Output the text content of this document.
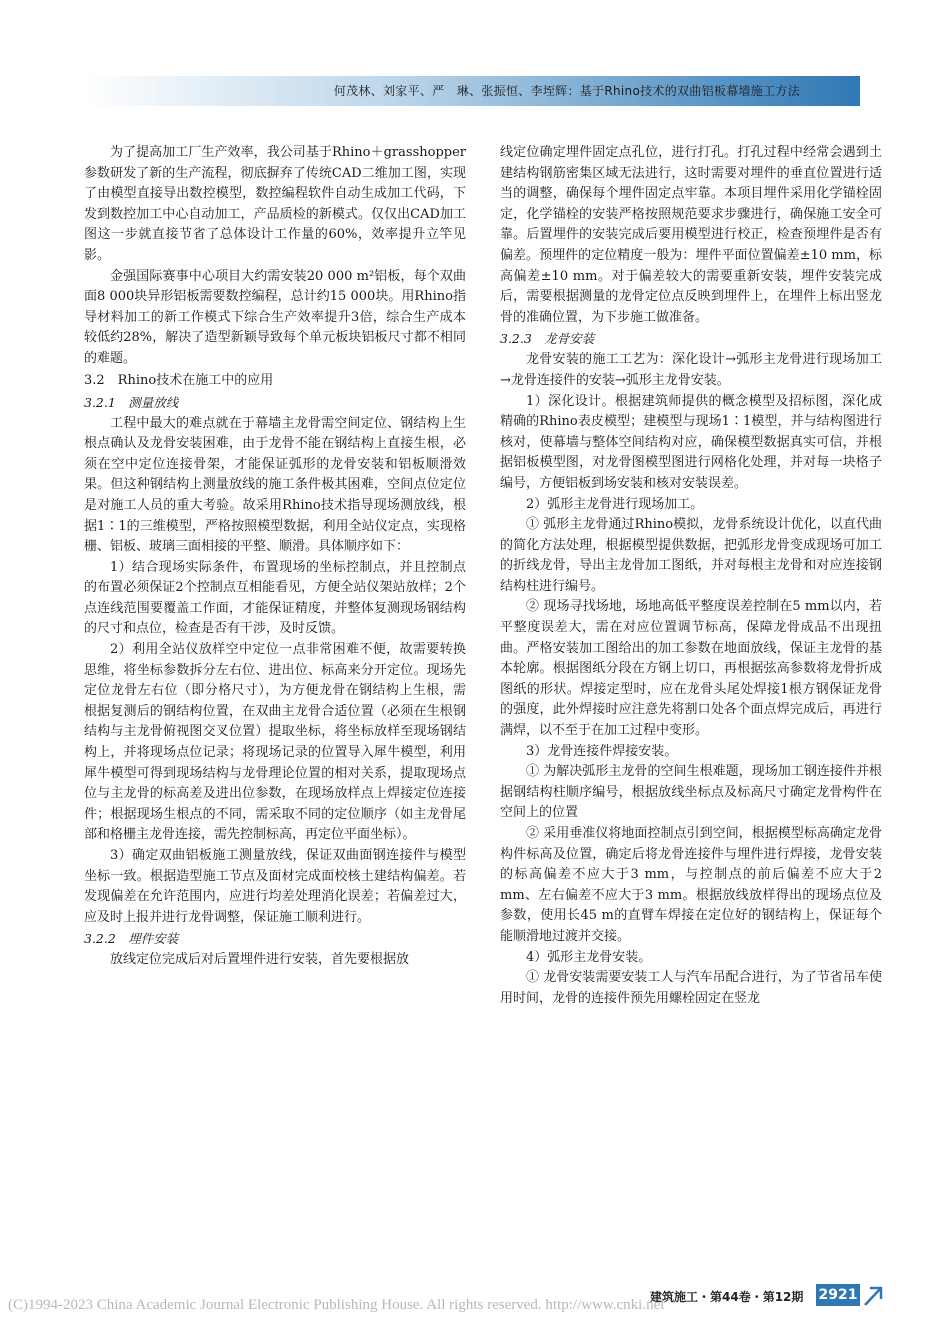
何茂林、刘家平、严　琳、张振恒、李垤辉：基于Rhino技术的双曲铝板幕墙施工方法

为了提高加工厂生产效率，我公司基于Rhino＋grasshopper参数研发了新的生产流程，彻底摒弃了传统CAD二维加工图，实现了由模型直接导出数控模型，数控编程软件自动生成加工代码，下发到数控加工中心自动加工，产品质检的新模式。仅仅出CAD加工图这一步就直接节省了总体设计工作量的60%，效率提升立竿见影。

金强国际赛事中心项目大约需安装20 000 m²铝板，每个双曲面8 000块异形铝板需要数控编程，总计约15 000块。用Rhino指导材料加工的新工作模式下综合生产效率提升3倍，综合生产成本较低约28%，解决了造型新颖导致每个单元板块铝板尺寸都不相同的难题。

3.2　Rhino技术在施工中的应用
3.2.1　测量放线

工程中最大的难点就在于幕墙主龙骨需空间定位、钢结构上生根点确认及龙骨安装困难，由于龙骨不能在钢结构上直接生根，必须在空中定位连接骨架，才能保证弧形的龙骨安装和铝板顺滑效果。但这种钢结构上测量放线的施工条件极其困难，空间点位定位是对施工人员的重大考验。故采用Rhino技术指导现场测放线，根据1∶1的三维模型，严格按照模型数据，利用全站仪定点，实现格栅、铝板、玻璃三面相接的平整、顺滑。具体顺序如下：

1）结合现场实际条件，布置现场的坐标控制点，并且控制点的布置必须保证2个控制点互相能看见，方便全站仪架站放样；2个点连线范围要覆盖工作面，才能保证精度，并整体复测现场钢结构的尺寸和点位，检查是否有干涉，及时反馈。

2）利用全站仪放样空中定位一点非常困难不便，故需要转换思维，将坐标参数拆分左右位、进出位、标高来分开定位。现场先定位龙骨左右位（即分格尺寸），为方便龙骨在钢结构上生根，需根据复测后的钢结构位置，在双曲主龙骨合适位置（必须在生根钢结构与主龙骨俯视图交叉位置）提取坐标，将坐标放样至现场钢结构上，并将现场点位记录；将现场记录的位置导入犀牛模型，利用犀牛模型可得到现场结构与龙骨理论位置的相对关系，提取现场点位与主龙骨的标高差及进出位参数，在现场放样点上焊接定位连接件；根据现场生根点的不同，需采取不同的定位顺序（如主龙骨尾部和格栅主龙骨连接，需先控制标高，再定位平面坐标）。

3）确定双曲铝板施工测量放线，保证双曲面钢连接件与模型坐标一致。根据造型施工节点及面材完成面校核土建结构偏差。若发现偏差在允许范围内，应进行均差处理消化误差；若偏差过大，应及时上报并进行龙骨调整，保证施工顺利进行。

3.2.2　埋件安装

放线定位完成后对后置埋件进行安装，首先要根据放

线定位确定埋件固定点孔位，进行打孔。打孔过程中经常会遇到土建结构钢筋密集区域无法进行，这时需要对埋件的垂直位置进行适当的调整，确保每个埋件固定点牢靠。本项目埋件采用化学锚栓固定，化学锚栓的安装严格按照规范要求步骤进行，确保施工安全可靠。后置埋件的安装完成后要用模型进行校正，检查预埋件是否有偏差。预埋件的定位精度一般为：埋件平面位置偏差±10 mm，标高偏差±10 mm。对于偏差较大的需要重新安装，埋件安装完成后，需要根据测量的龙骨定位点反映到埋件上，在埋件上标出竖龙骨的准确位置，为下步施工做准备。

3.2.3　龙骨安装

龙骨安装的施工工艺为：深化设计→弧形主龙骨进行现场加工→龙骨连接件的安装→弧形主龙骨安装。

1）深化设计。根据建筑师提供的概念模型及招标图，深化成精确的Rhino表皮模型；建模型与现场1∶1模型，并与结构图进行核对，使幕墙与整体空间结构对应，确保模型数据真实可信，并根据铝板模型图，对龙骨图模型图进行网格化处理，并对每一块格子编号，方便铝板到场安装和核对安装误差。

2）弧形主龙骨进行现场加工。

① 弧形主龙骨通过Rhino模拟，龙骨系统设计优化，以直代曲的简化方法处理，根据模型提供数据，把弧形龙骨变成现场可加工的折线龙骨，导出主龙骨加工图纸，并对每根主龙骨和对应连接钢结构柱进行编号。

② 现场寻找场地，场地高低平整度误差控制在5 mm以内，若平整度误差大，需在对应位置调节标高，保障龙骨成品不出现扭曲。严格安装加工图给出的加工参数在地面放线，保证主龙骨的基本轮廓。根据图纸分段在方钢上切口，再根据弦高参数将龙骨折成图纸的形状。焊接定型时，应在龙骨头尾处焊接1根方钢保证龙骨的强度，此外焊接时应注意先将割口处各个面点焊完成后，再进行满焊，以不至于在加工过程中变形。

3）龙骨连接件焊接安装。

① 为解决弧形主龙骨的空间生根难题，现场加工钢连接件并根据钢结构柱顺序编号，根据放线坐标点及标高尺寸确定龙骨构件在空间上的位置

② 采用垂准仪将地面控制点引到空间，根据模型标高确定龙骨构件标高及位置，确定后将龙骨连接件与埋件进行焊接，龙骨安装的标高偏差不应大于3 mm，与控制点的前后偏差不应大于2 mm、左右偏差不应大于3 mm。根据放线放样得出的现场点位及参数，使用长45 m的直臂车焊接在定位好的钢结构上，保证每个能顺滑地过渡并交接。

4）弧形主龙骨安装。

① 龙骨安装需要安装工人与汽车吊配合进行，为了节省吊车使用时间，龙骨的连接件预先用螺栓固定在竖龙

建筑施工・第44卷・第12期 2921
(C)1994-2023 China Academic Journal Electronic Publishing House. All rights reserved. http://www.cnki.net
